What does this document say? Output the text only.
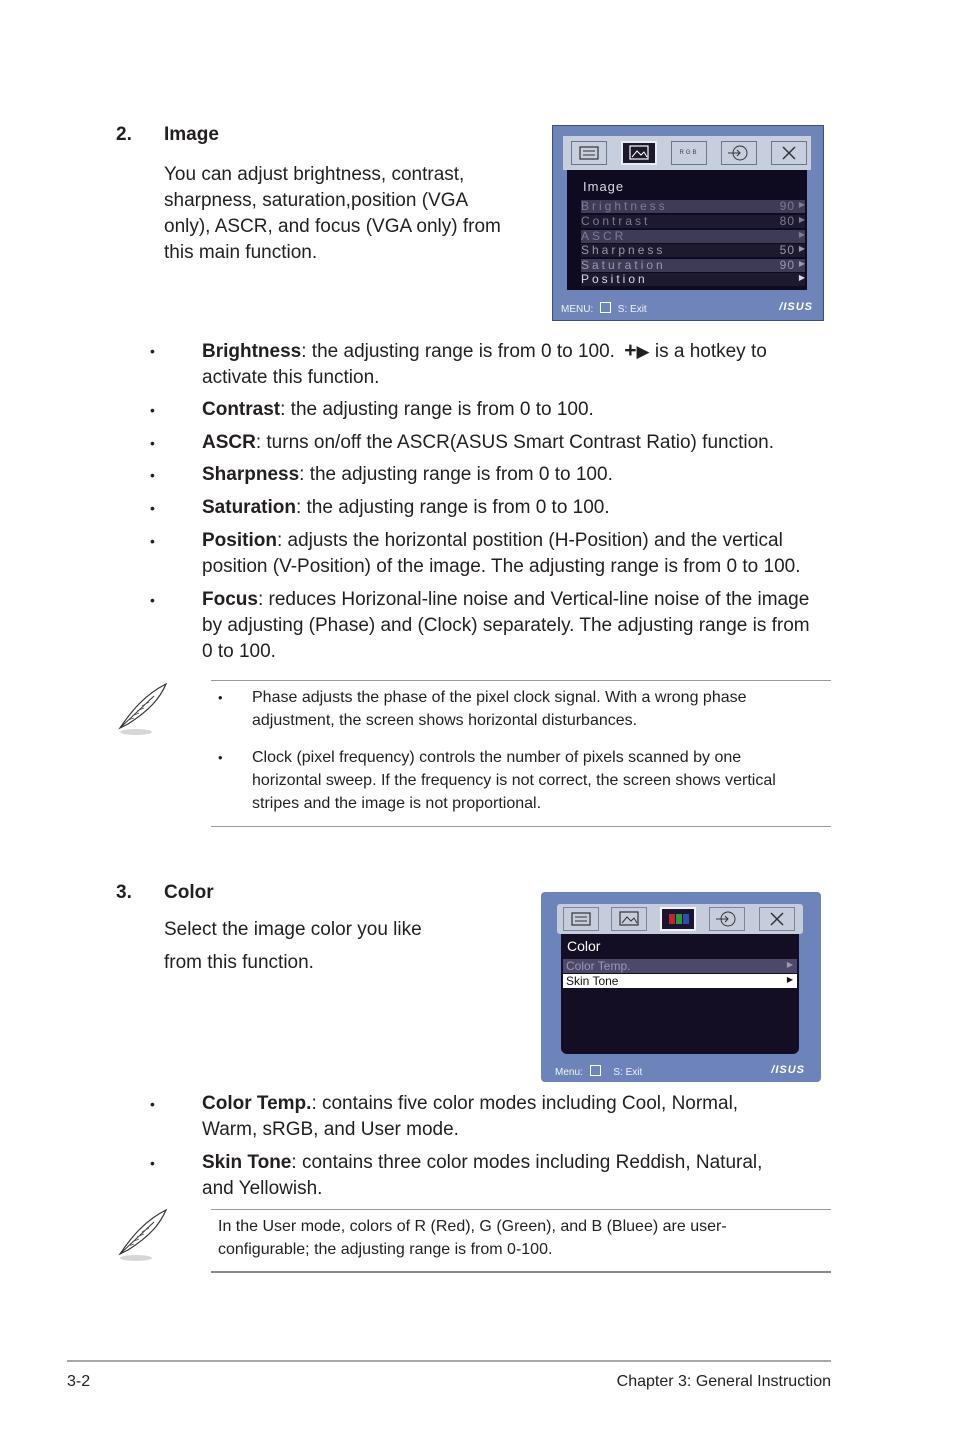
2. Image
You can adjust brightness, contrast,
sharpness, saturation,position (VGA
only), ASCR, and focus (VGA only) from
this main function.
RGB
Image
Brightness	90 ▶
Contrast	80 ▶
ASCR	▶
Sharpness	50 ▶
Saturation	90 ▶
Position	▶
MENU: S: Exit	/ISUS
• Brightness: the adjusting range is from 0 to 100. +▶ is a hotkey to
activate this function.
• Contrast: the adjusting range is from 0 to 100.
• ASCR: turns on/off the ASCR(ASUS Smart Contrast Ratio) function.
• Sharpness: the adjusting range is from 0 to 100.
• Saturation: the adjusting range is from 0 to 100.
• Position: adjusts the horizontal postition (H-Position) and the vertical
position (V-Position) of the image. The adjusting range is from 0 to 100.
• Focus: reduces Horizonal-line noise and Vertical-line noise of the image
by adjusting (Phase) and (Clock) separately. The adjusting range is from
0 to 100.
• Phase adjusts the phase of the pixel clock signal. With a wrong phase
adjustment, the screen shows horizontal disturbances.
• Clock (pixel frequency) controls the number of pixels scanned by one
horizontal sweep. If the frequency is not correct, the screen shows vertical
stripes and the image is not proportional.
3. Color
Select the image color you like
from this function.
Color
Color Temp.	▶
Skin Tone	▶
Menu:	S: Exit	/ISUS
• Color Temp.: contains five color modes including Cool, Normal,
Warm, sRGB, and User mode.
• Skin Tone: contains three color modes including Reddish, Natural,
and Yellowish.
In the User mode, colors of R (Red), G (Green), and B (Bluee) are user-
configurable; the adjusting range is from 0-100.
3-2	Chapter 3: General Instruction
